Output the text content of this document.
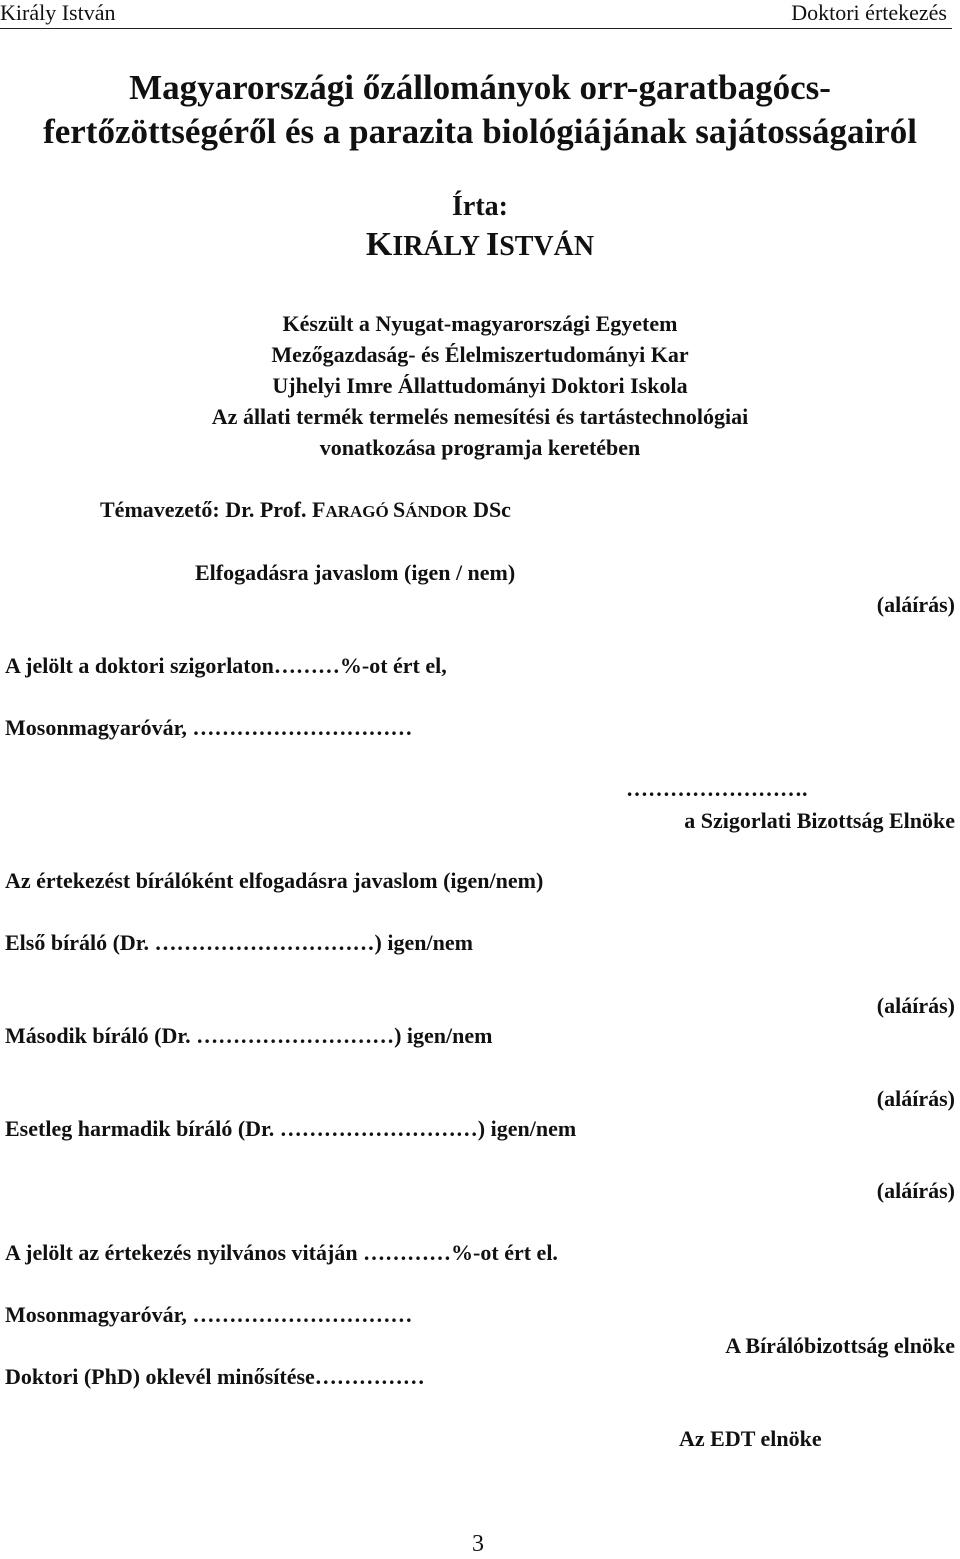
Király István	Doktori értekezés
Magyarországi őzállományok orr-garatbagócs-
fertőzöttségéről és a parazita biológiájának sajátosságairól
Írta:
KIRÁLY ISTVÁN
Készült a Nyugat-magyarországi Egyetem
Mezőgazdaság- és Élelmiszertudományi Kar
Ujhelyi Imre Állattudományi Doktori Iskola
Az állati termék termelés nemesítési és tartástechnológiai
vonatkozása programja keretében
Témavezető: Dr. Prof. FARAGÓ SÁNDOR DSc
Elfogadásra javaslom (igen / nem)
(aláírás)
A jelölt a doktori szigorlaton………%-ot ért el,
Mosonmagyaróvár, …………………………
…………………….
a Szigorlati Bizottság Elnöke
Az értekezést bírálóként elfogadásra javaslom (igen/nem)
Első bíráló (Dr. …………………………) igen/nem
(aláírás)
Második bíráló (Dr. ………………………) igen/nem
(aláírás)
Esetleg harmadik bíráló (Dr. ………………………) igen/nem
(aláírás)
A jelölt az értekezés nyilvános vitáján …………%-ot ért el.
Mosonmagyaróvár, …………………………
A Bírálóbizottság elnöke
Doktori (PhD) oklevél minősítése……………
Az EDT elnöke
3
